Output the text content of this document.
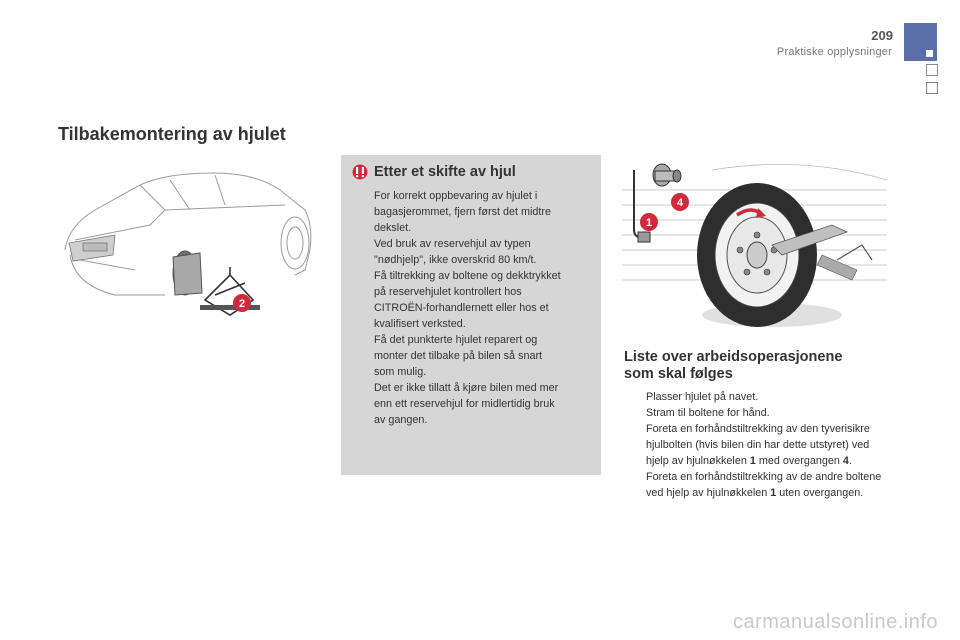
209
Praktiske opplysninger
Tilbakemontering av hjulet
2
4
1
Etter et skifte av hjul
For korrekt oppbevaring av hjulet i
bagasjerommet, fjern først det midtre
dekslet.
Ved bruk av reservehjul av typen
"nødhjelp", ikke overskrid 80 km/t.
Få tiltrekking av boltene og dekktrykket
på reservehjulet kontrollert hos
CITROËN-forhandlernett eller hos et
kvalifisert verksted.
Få det punkterte hjulet reparert og
monter det tilbake på bilen så snart
som mulig.
Det er ikke tillatt å kjøre bilen med mer
enn ett reservehjul for midlertidig bruk
av gangen.
Liste over arbeidsoperasjonene
som skal følges
Plasser hjulet på navet.
Stram til boltene for hånd.
Foreta en forhåndstiltrekking av den tyverisikre hjulbolten (hvis bilen din har dette utstyret) ved hjelp av hjulnøkkelen 1 med overgangen 4.
Foreta en forhåndstiltrekking av de andre boltene ved hjelp av hjulnøkkelen 1 uten overgangen.
carmanualsonline.info
